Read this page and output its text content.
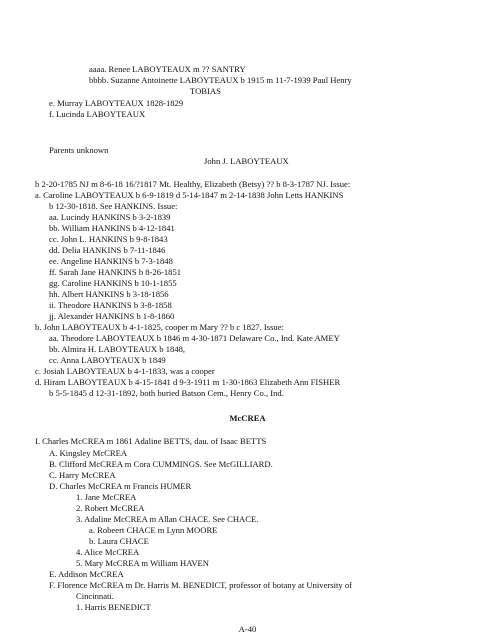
aaaa. Renee LABOYTEAUX m ?? SANTRY
bbbb. Suzanne Antoinette LABOYTEAUX b 1915 m 11-7-1939 Paul Henry
TOBIAS
e. Murray LABOYTEAUX 1828-1829
f. Lucinda LABOYTEAUX
Parents unknown
John J. LABOYTEAUX
b 2-20-1785 NJ m 8-6-18 16/?1817 Mt. Healthy, Elizabeth (Betsy) ?? b 8-3-1787 NJ. Issue:
a. Caroline LABOYTEAUX b 6-9-1819 d 5-14-1847 m 2-14-1838 John Letts HANKINS
b 12-30-1818. See HANKINS. Issue:
aa. Lucindy HANKINS b 3-2-1839
bb. William HANKINS b 4-12-1841
cc. John L. HANKINS b 9-8-1843
dd. Delia HANKINS b 7-11-1846
ee. Angeline HANKINS b 7-3-1848
ff. Sarah Jane HANKINS b 8-26-1851
gg. Caroline HANKINS b 10-1-1855
hh. Albert HANKINS b 3-18-1856
ii. Theodore HANKINS b 3-8-1858
jj. Alexander HANKINS b 1-8-1860
b. John LABOYTEAUX b 4-1-1825, cooper m Mary ?? b c 1827. Issue:
aa. Theodore LABOYTEAUX b 1846 m 4-30-1871 Delaware Co., Ind. Kate AMEY
bb. Almira H. LABOYTEAUX b 1848,
cc. Anna LABOYTEAUX b 1849
c. Josiah LABOYTEAUX b 4-1-1833, was a cooper
d. Hiram LABOYTEAUX b 4-15-1841 d 9-3-1911 m 1-30-1863 Elizabeth Ann FISHER
b 5-5-1845 d 12-31-1892, both buried Batson Cem., Henry Co., Ind.
McCREA
I. Charles McCREA m 1861 Adaline BETTS, dau. of Isaac BETTS
A. Kingsley McCREA
B. Clifford McCREA m Cora CUMMINGS. See McGILLIARD.
C. Harry McCREA
D. Charles McCREA m Francis HUMER
1. Jane McCREA
2. Robert McCREA
3. Adaline McCREA m Allan CHACE. See CHACE.
a. Robeert CHACE m Lynn MOORE
b. Laura CHACE
4. Alice McCREA
5. Mary McCREA m William HAVEN
E. Addison McCREA
F. Florence McCREA m Dr. Harris M. BENEDICT, professor of botany at University of
Cincinnati.
1. Harris BENEDICT
A-40
